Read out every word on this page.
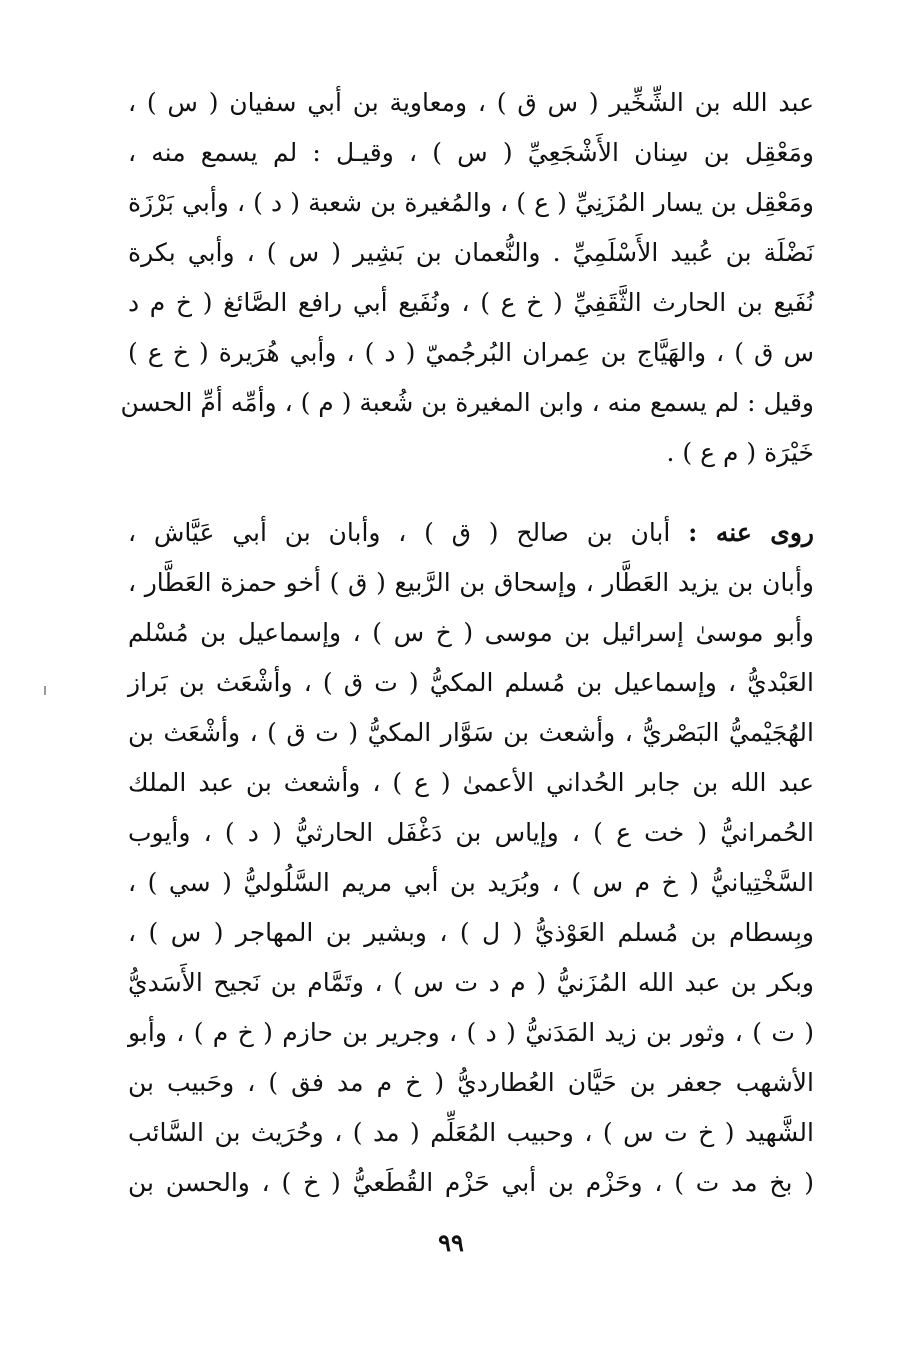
عبد الله بن الشِّخِّير ( س ق ) ، ومعاوية بن أبي سفيان ( س ) ،
ومَعْقِل بن سِنان الأَشْجَعِيِّ ( س ) ، وقيـل : لم يسمع منه ،
ومَعْقِل بن يسار المُزَنِيِّ ( ع ) ، والمُغيرة بن شعبة ( د ) ، وأبي بَرْزَة
نَضْلَة بن عُبيد الأَسْلَمِيِّ . والنُّعمان بن بَشِير ( س ) ، وأبي بكرة
نُفَيع بن الحارث الثَّقَفِيِّ ( خ ع ) ، ونُفَيع أبي رافع الصَّائغ ( خ م د
س ق ) ، والهَيَّاج بن عِمران البُرجُميّ ( د ) ، وأبي هُرَيرة ( خ ع )
وقيل : لم يسمع منه ، وابن المغيرة بن شُعبة ( م ) ، وأمِّه أمِّ الحسن
خَيْرَة ( م ع ) .
روى عنه : أبان بن صالح ( ق ) ، وأبان بن أبي عَيَّاش ،
وأبان بن يزيد العَطَّار ، وإسحاق بن الرَّبيع ( ق ) أخو حمزة العَطَّار ،
وأبو موسىٰ إسرائيل بن موسى ( خ س ) ، وإسماعيل بن مُسْلم
العَبْديُّ ، وإسماعيل بن مُسلم المكيُّ ( ت ق ) ، وأشْعَث بن بَراز
الهُجَيْميُّ البَصْريُّ ، وأشعث بن سَوَّار المكيُّ ( ت ق ) ، وأشْعَث بن
عبد الله بن جابر الحُداني الأعمىٰ ( ع ) ، وأشعث بن عبد الملك
الحُمرانيُّ ( خت ع ) ، وإياس بن دَغْفَل الحارثيُّ ( د ) ، وأيوب
السَّخْتِيانيُّ ( خ م س ) ، وبُرَيد بن أبي مريم السَّلُوليُّ ( سي ) ،
وبِسطام بن مُسلم العَوْذيُّ ( ل ) ، وبشير بن المهاجر ( س ) ،
وبكر بن عبد الله المُزَنيُّ ( م د ت س ) ، وتَمَّام بن نَجيح الأَسَديُّ
( ت ) ، وثور بن زيد المَدَنيُّ ( د ) ، وجرير بن حازم ( خ م ) ، وأبو
الأشهب جعفر بن حَيَّان العُطارديُّ ( خ م مد فق ) ، وحَبيب بن
الشَّهيد ( خ ت س ) ، وحبيب المُعَلِّم ( مد ) ، وحُرَيث بن السَّائب
( بخ مد ت ) ، وحَزْم بن أبي حَزْم القُطَعيُّ ( خ ) ، والحسن بن
٩٩
